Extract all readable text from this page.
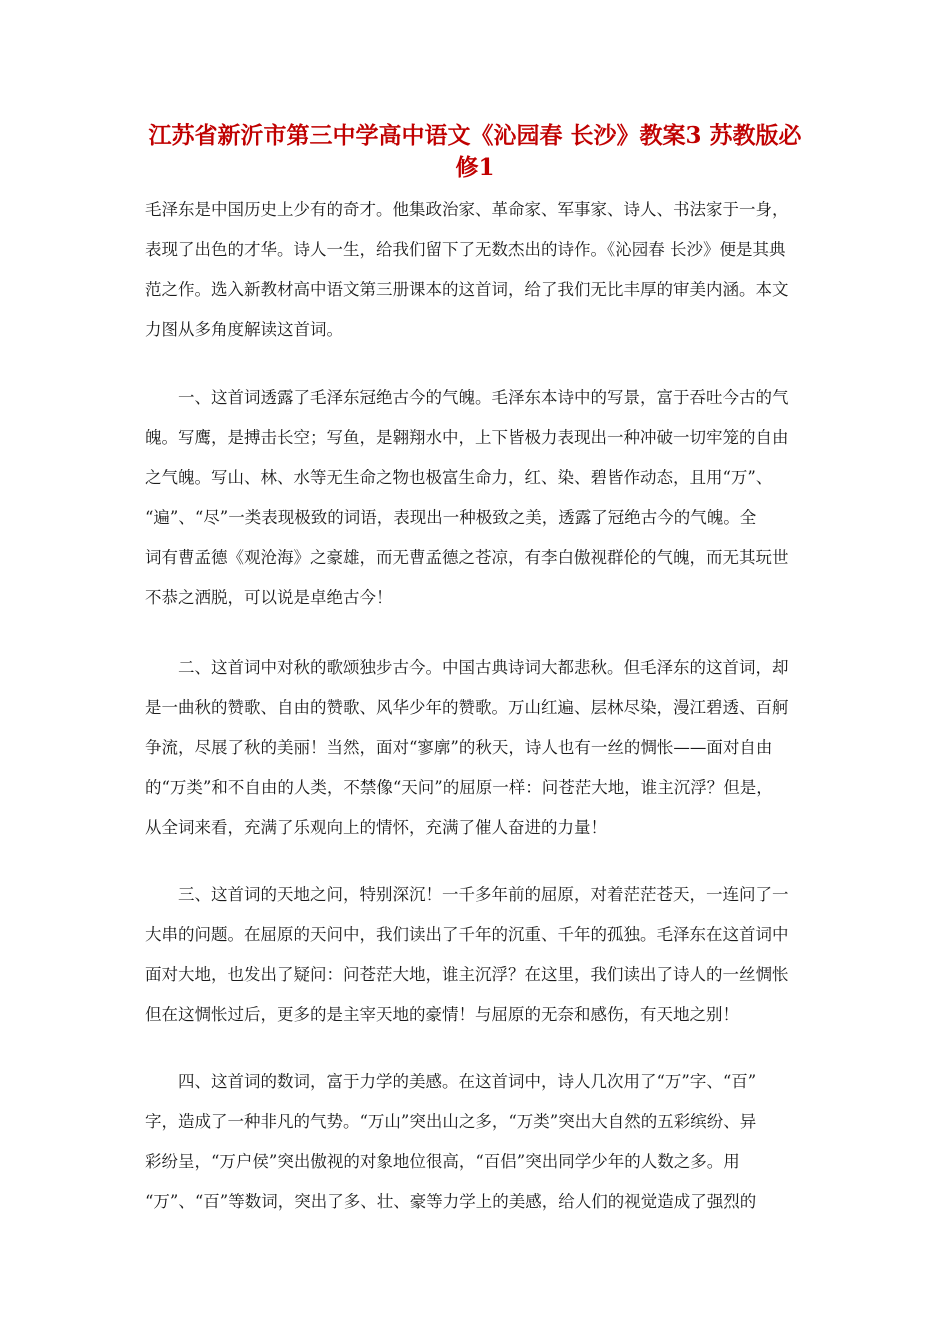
江苏省新沂市第三中学高中语文《沁园春 长沙》教案3 苏教版必
修1
毛泽东是中国历史上少有的奇才。他集政治家、革命家、军事家、诗人、书法家于一身，
表现了出色的才华。诗人一生，给我们留下了无数杰出的诗作。《沁园春 长沙》便是其典
范之作。选入新教材高中语文第三册课本的这首词，给了我们无比丰厚的审美内涵。本文
力图从多角度解读这首词。
　　一、这首词透露了毛泽东冠绝古今的气魄。毛泽东本诗中的写景，富于吞吐今古的气
魄。写鹰，是搏击长空；写鱼，是翱翔水中，上下皆极力表现出一种冲破一切牢笼的自由
之气魄。写山、林、水等无生命之物也极富生命力，红、染、碧皆作动态，且用“万”、
“遍”、“尽”一类表现极致的词语，表现出一种极致之美，透露了冠绝古今的气魄。全
词有曹孟德《观沧海》之豪雄，而无曹孟德之苍凉，有李白傲视群伦的气魄，而无其玩世
不恭之洒脱，可以说是卓绝古今！
　　二、这首词中对秋的歌颂独步古今。中国古典诗词大都悲秋。但毛泽东的这首词，却
是一曲秋的赞歌、自由的赞歌、风华少年的赞歌。万山红遍、层林尽染，漫江碧透、百舸
争流，尽展了秋的美丽！当然，面对“寥廓”的秋天，诗人也有一丝的惆怅——面对自由
的“万类”和不自由的人类，不禁像“天问”的屈原一样：问苍茫大地，谁主沉浮？但是，
从全词来看，充满了乐观向上的情怀，充满了催人奋进的力量！
　　三、这首词的天地之问，特别深沉！一千多年前的屈原，对着茫茫苍天，一连问了一
大串的问题。在屈原的天问中，我们读出了千年的沉重、千年的孤独。毛泽东在这首词中
面对大地，也发出了疑问：问苍茫大地，谁主沉浮？在这里，我们读出了诗人的一丝惆怅
但在这惆怅过后，更多的是主宰天地的豪情！与屈原的无奈和感伤，有天地之别！
　　四、这首词的数词，富于力学的美感。在这首词中，诗人几次用了“万”字、“百”
字，造成了一种非凡的气势。“万山”突出山之多，“万类”突出大自然的五彩缤纷、异
彩纷呈，“万户侯”突出傲视的对象地位很高，“百侣”突出同学少年的人数之多。用
“万”、“百”等数词，突出了多、壮、豪等力学上的美感，给人们的视觉造成了强烈的
